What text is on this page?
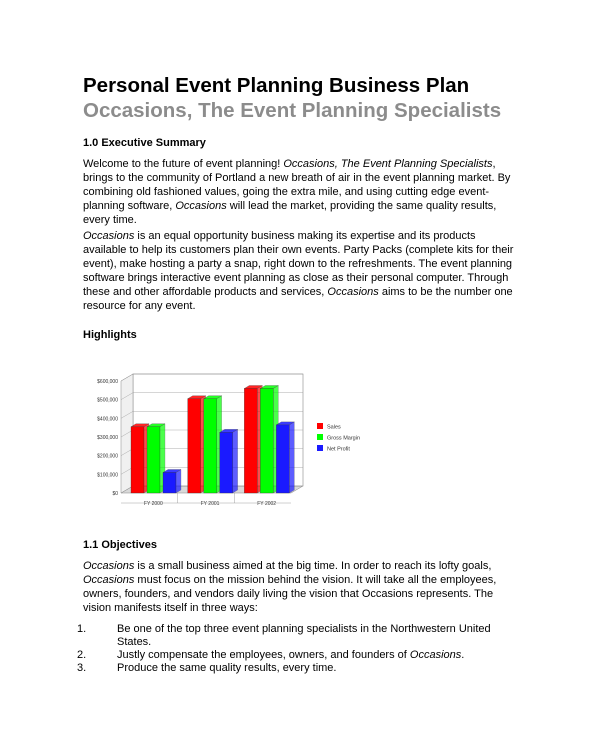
Personal Event Planning Business Plan
Occasions, The Event Planning Specialists
1.0 Executive Summary

Welcome to the future of event planning! Occasions, The Event Planning Specialists, brings to the community of Portland a new breath of air in the event planning market. By combining old fashioned values, going the extra mile, and using cutting edge event-planning software, Occasions will lead the market, providing the same quality results, every time.

Occasions is an equal opportunity business making its expertise and its products available to help its customers plan their own events. Party Packs (complete kits for their event), make hosting a party a snap, right down to the refreshments. The event planning software brings interactive event planning as close as their personal computer. Through these and other affordable products and services, Occasions aims to be the number one resource for any event.

Highlights
1.1 Objectives

Occasions is a small business aimed at the big time. In order to reach its lofty goals, Occasions must focus on the mission behind the vision. It will take all the employees, owners, founders, and vendors daily living the vision that Occasions represents. The vision manifests itself in three ways:

1.	Be one of the top three event planning specialists in the Northwestern United States.
2.	Justly compensate the employees, owners, and founders of Occasions.
3.	Produce the same quality results, every time.
$0
$100,000
$200,000
$300,000
$400,000
$500,000
$600,000
FY 2000	FY 2001	FY 2002
Sales
Gross Margin
Net Profit
